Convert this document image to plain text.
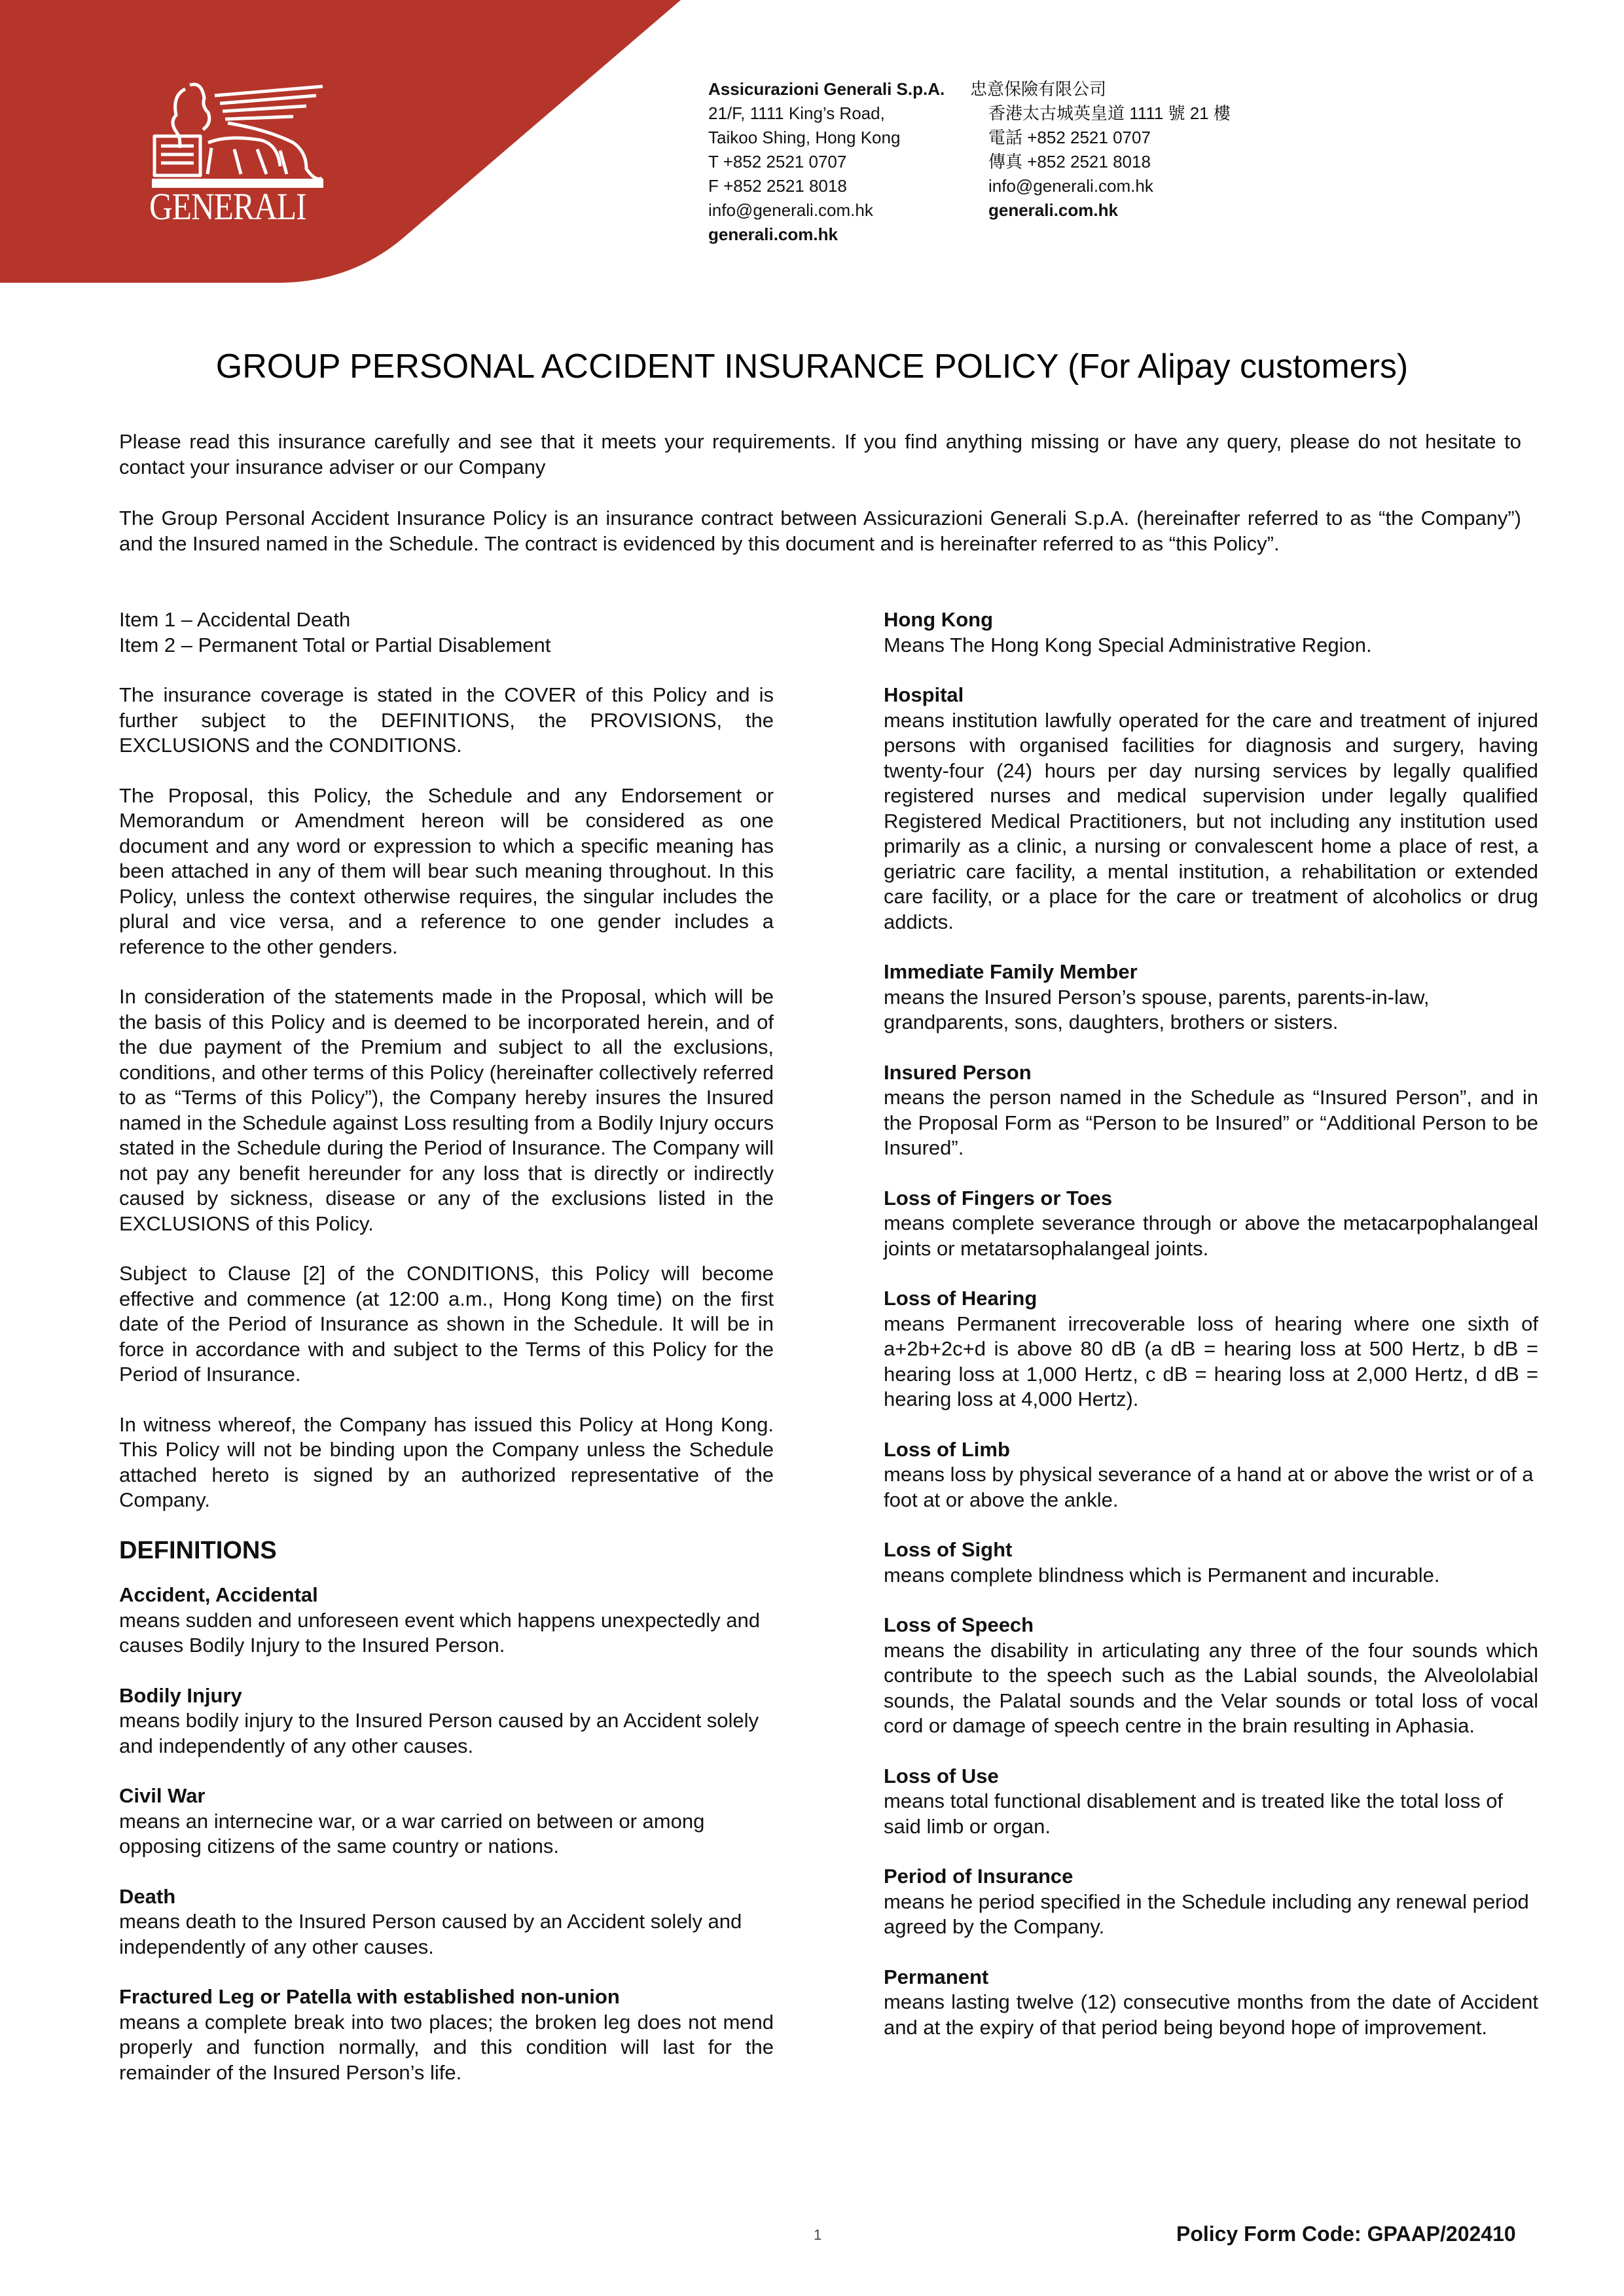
GENERALI
Assicurazioni Generali S.p.A.
21/F, 1111 King’s Road,
Taikoo Shing, Hong Kong
T +852 2521 0707
F +852 2521 8018
info@generali.com.hk
generali.com.hk
忠意保險有限公司
香港太古城英皇道 1111 號 21 樓
電話 +852 2521 0707
傳真 +852 2521 8018
info@generali.com.hk
generali.com.hk
GROUP PERSONAL ACCIDENT INSURANCE POLICY (For Alipay customers)

Please read this insurance carefully and see that it meets your requirements. If you find anything missing or have any query, please do not hesitate to contact your insurance adviser or our Company

The Group Personal Accident Insurance Policy is an insurance contract between Assicurazioni Generali S.p.A. (hereinafter referred to as “the Company”) and the Insured named in the Schedule. The contract is evidenced by this document and is hereinafter referred to as “this Policy”.

Item 1 – Accidental Death
Item 2 – Permanent Total or Partial Disablement

The insurance coverage is stated in the COVER of this Policy and is further subject to the DEFINITIONS, the PROVISIONS, the EXCLUSIONS and the CONDITIONS.

The Proposal, this Policy, the Schedule and any Endorsement or Memorandum or Amendment hereon will be considered as one document and any word or expression to which a specific meaning has been attached in any of them will bear such meaning throughout. In this Policy, unless the context otherwise requires, the singular includes the plural and vice versa, and a reference to one gender includes a reference to the other genders.

In consideration of the statements made in the Proposal, which will be the basis of this Policy and is deemed to be incorporated herein, and of the due payment of the Premium and subject to all the exclusions, conditions, and other terms of this Policy (hereinafter collectively referred to as “Terms of this Policy”), the Company hereby insures the Insured named in the Schedule against Loss resulting from a Bodily Injury occurs stated in the Schedule during the Period of Insurance. The Company will not pay any benefit hereunder for any loss that is directly or indirectly caused by sickness, disease or any of the exclusions listed in the EXCLUSIONS of this Policy.

Subject to Clause [2] of the CONDITIONS, this Policy will become effective and commence (at 12:00 a.m., Hong Kong time) on the first date of the Period of Insurance as shown in the Schedule. It will be in force in accordance with and subject to the Terms of this Policy for the Period of Insurance.

In witness whereof, the Company has issued this Policy at Hong Kong. This Policy will not be binding upon the Company unless the Schedule attached hereto is signed by an authorized representative of the Company.

DEFINITIONS
Accident, Accidental
means sudden and unforeseen event which happens unexpectedly and causes Bodily Injury to the Insured Person.
Bodily Injury
means bodily injury to the Insured Person caused by an Accident solely and independently of any other causes.
Civil War
means an internecine war, or a war carried on between or among opposing citizens of the same country or nations.
Death
means death to the Insured Person caused by an Accident solely and independently of any other causes.
Fractured Leg or Patella with established non-union
means a complete break into two places; the broken leg does not mend properly and function normally, and this condition will last for the remainder of the Insured Person’s life.
Hong Kong
Means The Hong Kong Special Administrative Region.
Hospital
means institution lawfully operated for the care and treatment of injured persons with organised facilities for diagnosis and surgery, having twenty-four (24) hours per day nursing services by legally qualified registered nurses and medical supervision under legally qualified Registered Medical Practitioners, but not including any institution used primarily as a clinic, a nursing or convalescent home a place of rest, a geriatric care facility, a mental institution, a rehabilitation or extended care facility, or a place for the care or treatment of alcoholics or drug addicts.
Immediate Family Member
means the Insured Person’s spouse, parents, parents-in-law, grandparents, sons, daughters, brothers or sisters.
Insured Person
means the person named in the Schedule as “Insured Person”, and in the Proposal Form as “Person to be Insured” or “Additional Person to be Insured”.
Loss of Fingers or Toes
means complete severance through or above the metacarpophalangeal joints or metatarsophalangeal joints.
Loss of Hearing
means Permanent irrecoverable loss of hearing where one sixth of a+2b+2c+d is above 80 dB (a dB = hearing loss at 500 Hertz, b dB = hearing loss at 1,000 Hertz, c dB = hearing loss at 2,000 Hertz, d dB = hearing loss at 4,000 Hertz).
Loss of Limb
means loss by physical severance of a hand at or above the wrist or of a foot at or above the ankle.
Loss of Sight
means complete blindness which is Permanent and incurable.
Loss of Speech
means the disability in articulating any three of the four sounds which contribute to the speech such as the Labial sounds, the Alveololabial sounds, the Palatal sounds and the Velar sounds or total loss of vocal cord or damage of speech centre in the brain resulting in Aphasia.
Loss of Use
means total functional disablement and is treated like the total loss of said limb or organ.
Period of Insurance
means he period specified in the Schedule including any renewal period agreed by the Company.
Permanent
means lasting twelve (12) consecutive months from the date of Accident and at the expiry of that period being beyond hope of improvement.
1	Policy Form Code: GPAAP/202410
